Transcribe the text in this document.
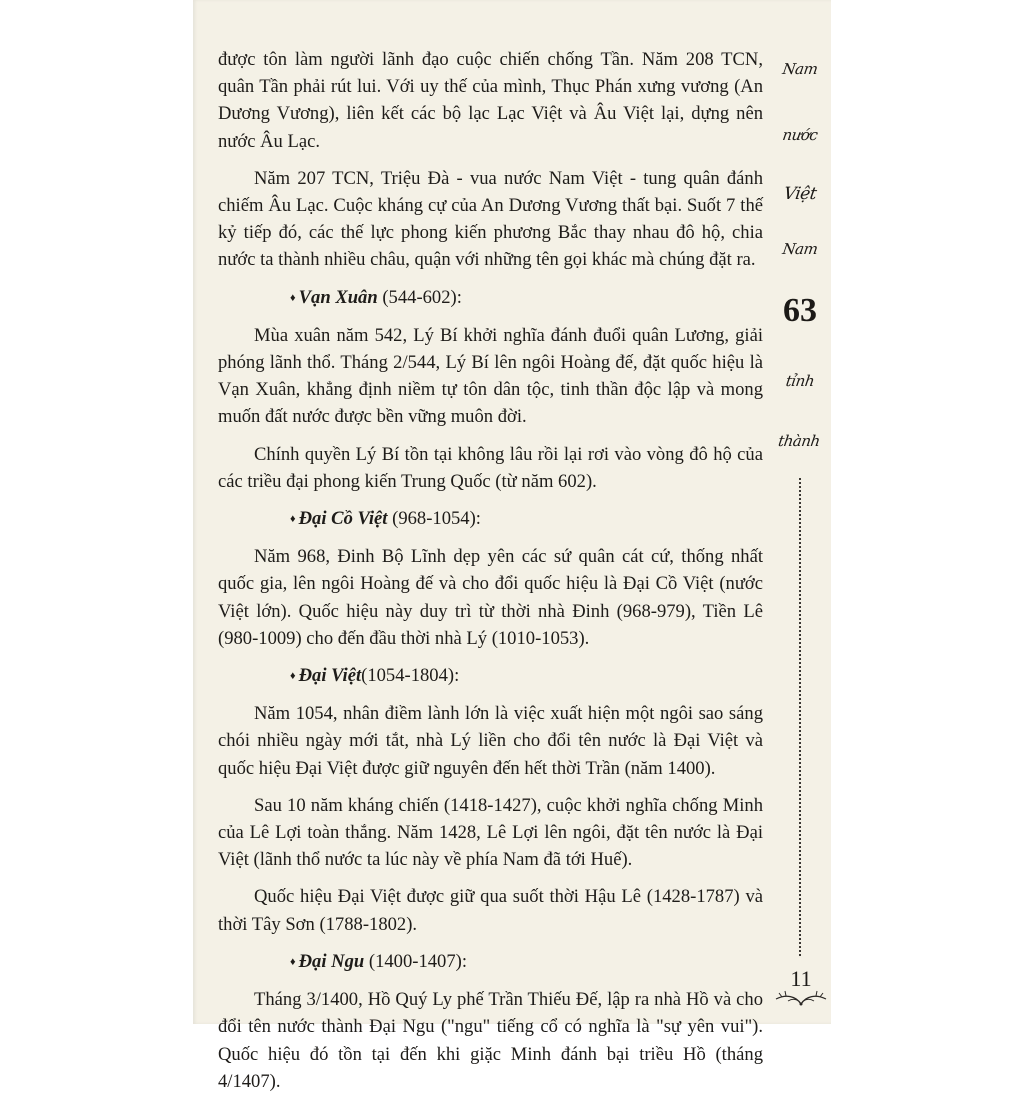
được tôn làm người lãnh đạo cuộc chiến chống Tần. Năm 208 TCN, quân Tần phải rút lui. Với uy thế của mình, Thục Phán xưng vương (An Dương Vương), liên kết các bộ lạc Lạc Việt và Âu Việt lại, dựng nên nước Âu Lạc.

Năm 207 TCN, Triệu Đà - vua nước Nam Việt - tung quân đánh chiếm Âu Lạc. Cuộc kháng cự của An Dương Vương thất bại. Suốt 7 thế kỷ tiếp đó, các thế lực phong kiến phương Bắc thay nhau đô hộ, chia nước ta thành nhiều châu, quận với những tên gọi khác mà chúng đặt ra.

♦ Vạn Xuân (544-602):

Mùa xuân năm 542, Lý Bí khởi nghĩa đánh đuổi quân Lương, giải phóng lãnh thổ. Tháng 2/544, Lý Bí lên ngôi Hoàng đế, đặt quốc hiệu là Vạn Xuân, khẳng định niềm tự tôn dân tộc, tinh thần độc lập và mong muốn đất nước được bền vững muôn đời.

Chính quyền Lý Bí tồn tại không lâu rồi lại rơi vào vòng đô hộ của các triều đại phong kiến Trung Quốc (từ năm 602).

♦ Đại Cồ Việt (968-1054):

Năm 968, Đinh Bộ Lĩnh dẹp yên các sứ quân cát cứ, thống nhất quốc gia, lên ngôi Hoàng đế và cho đổi quốc hiệu là Đại Cồ Việt (nước Việt lớn). Quốc hiệu này duy trì từ thời nhà Đinh (968-979), Tiền Lê (980-1009) cho đến đầu thời nhà Lý (1010-1053).

♦ Đại Việt(1054-1804):

Năm 1054, nhân điềm lành lớn là việc xuất hiện một ngôi sao sáng chói nhiều ngày mới tắt, nhà Lý liền cho đổi tên nước là Đại Việt và quốc hiệu Đại Việt được giữ nguyên đến hết thời Trần (năm 1400).

Sau 10 năm kháng chiến (1418-1427), cuộc khởi nghĩa chống Minh của Lê Lợi toàn thắng. Năm 1428, Lê Lợi lên ngôi, đặt tên nước là Đại Việt (lãnh thổ nước ta lúc này về phía Nam đã tới Huế).

Quốc hiệu Đại Việt được giữ qua suốt thời Hậu Lê (1428-1787) và thời Tây Sơn (1788-1802).

♦ Đại Ngu (1400-1407):

Tháng 3/1400, Hồ Quý Ly phế Trần Thiếu Đế, lập ra nhà Hồ và cho đổi tên nước thành Đại Ngu ("ngu" tiếng cổ có nghĩa là "sự yên vui"). Quốc hiệu đó tồn tại đến khi giặc Minh đánh bại triều Hồ (tháng 4/1407).

Nam
nước
Việt
Nam
63
tỉnh
thành
11
